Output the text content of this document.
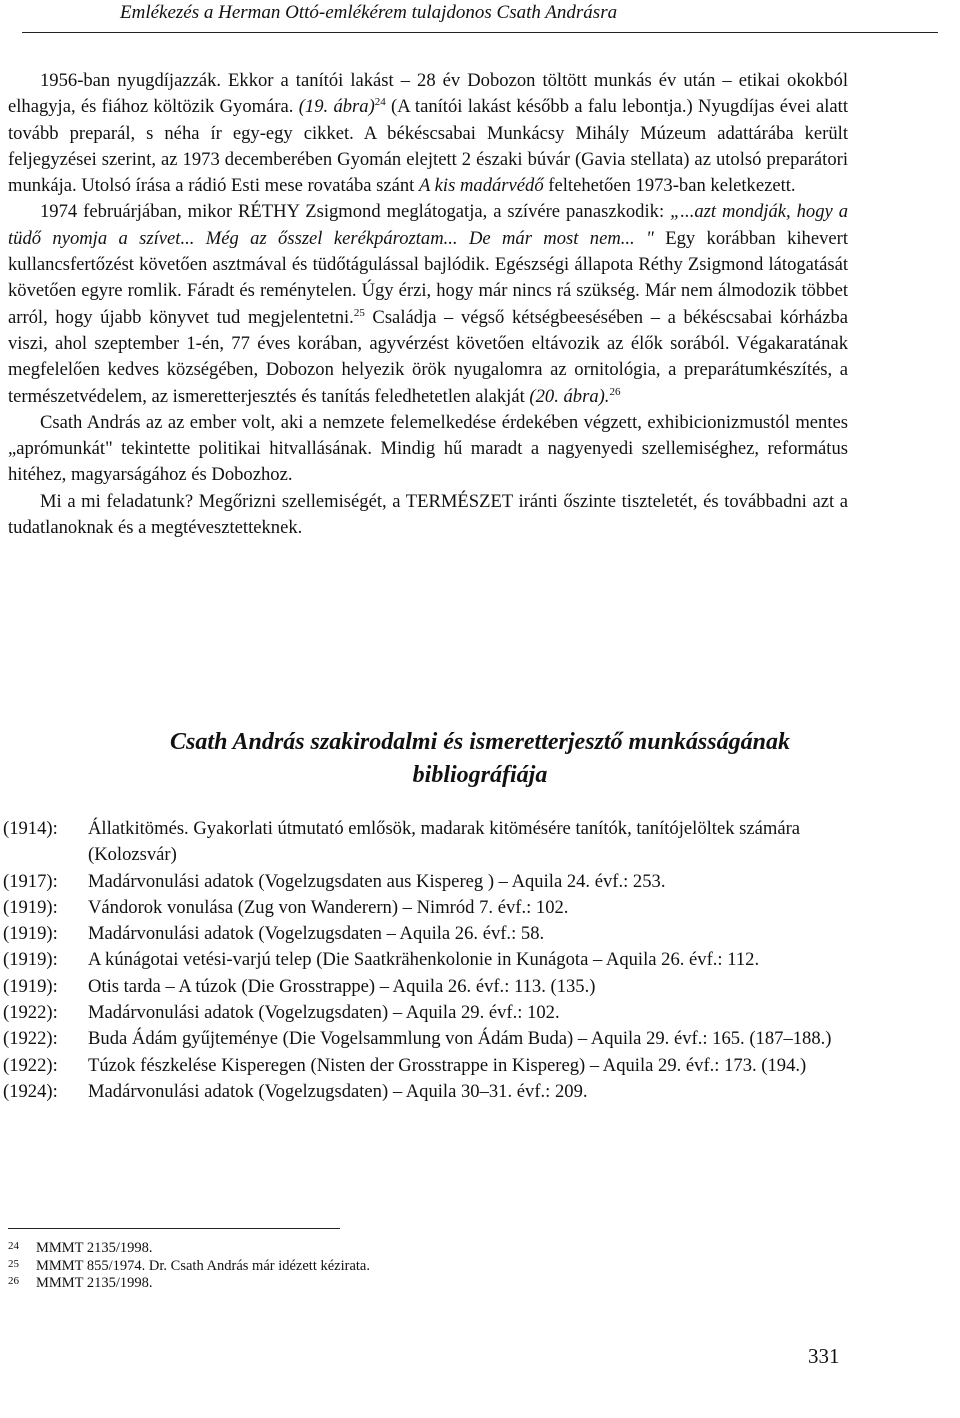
Emlékezés a Herman Ottó-emlékérem tulajdonos Csath Andrásra

1956-ban nyugdíjazzák. Ekkor a tanítói lakást – 28 év Dobozon töltött munkás év után – etikai okokból elhagyja, és fiához költözik Gyomára. (19. ábra)$^{24}$ (A tanítói lakást később a falu lebontja.) Nyugdíjas évei alatt tovább preparál, s néha ír egy-egy cikket. A békéscsabai Munkácsy Mihály Múzeum adattárába került feljegyzései szerint, az 1973 decemberében Gyomán elejtett 2 északi búvár (Gavia stellata) az utolsó preparátori munkája. Utolsó írása a rádió Esti mese rovatába szánt A kis madárvédő feltehetően 1973-ban keletkezett.

1974 februárjában, mikor RÉTHY Zsigmond meglátogatja, a szívére panaszkodik: „...azt mondják, hogy a tüdő nyomja a szívet... Még az ősszel kerékpároztam... De már most nem... " Egy korábban kihevert kullancsfertőzést követően asztmával és tüdőtágulással bajlódik. Egészségi állapota Réthy Zsigmond látogatását követően egyre romlik. Fáradt és reménytelen. Úgy érzi, hogy már nincs rá szükség. Már nem álmodozik többet arról, hogy újabb könyvet tud megjelentetni.$^{25}$ Családja – végső kétségbeesésében – a békéscsabai kórházba viszi, ahol szeptember 1-én, 77 éves korában, agyvérzést követően eltávozik az élők sorából. Végakaratának megfelelően kedves községében, Dobozon helyezik örök nyugalomra az ornitológia, a preparátumkészítés, a természetvédelem, az ismeretterjesztés és tanítás feledhetetlen alakját (20. ábra).$^{26}$

Csath András az az ember volt, aki a nemzete felemelkedése érdekében végzett, exhibicionizmustól mentes „aprómunkát" tekintette politikai hitvallásának. Mindig hű maradt a nagyenyedi szellemiséghez, református hitéhez, magyarságához és Dobozhoz.

Mi a mi feladatunk? Megőrizni szellemiségét, a TERMÉSZET iránti őszinte tiszteletét, és továbbadni azt a tudatlanoknak és a megtévesztetteknek.

Csath András szakirodalmi és ismeretterjesztő munkásságának
bibliográfiája
(1914):	Állatkitömés. Gyakorlati útmutató emlősök, madarak kitömésére tanítók, tanítójelöltek számára (Kolozsvár)
(1917):	Madárvonulási adatok (Vogelzugsdaten aus Kispereg ) – Aquila 24. évf.: 253.
(1919):	Vándorok vonulása (Zug von Wanderern) – Nimród 7. évf.: 102.
(1919):	Madárvonulási adatok (Vogelzugsdaten – Aquila 26. évf.: 58.
(1919):	A kúnágotai vetési-varjú telep (Die Saatkrähenkolonie in Kunágota – Aquila 26. évf.: 112.
(1919):	Otis tarda – A túzok (Die Grosstrappe) – Aquila 26. évf.: 113. (135.)
(1922):	Madárvonulási adatok (Vogelzugsdaten) – Aquila 29. évf.: 102.
(1922):	Buda Ádám gyűjteménye (Die Vogelsammlung von Ádám Buda) – Aquila 29. évf.: 165. (187–188.)
(1922):	Túzok fészkelése Kisperegen (Nisten der Grosstrappe in Kispereg) – Aquila 29. évf.: 173. (194.)
(1924):	Madárvonulási adatok (Vogelzugsdaten) – Aquila 30–31. évf.: 209.
24	MMMT 2135/1998.
25	MMMT 855/1974. Dr. Csath András már idézett kézirata.
26	MMMT 2135/1998.
331
